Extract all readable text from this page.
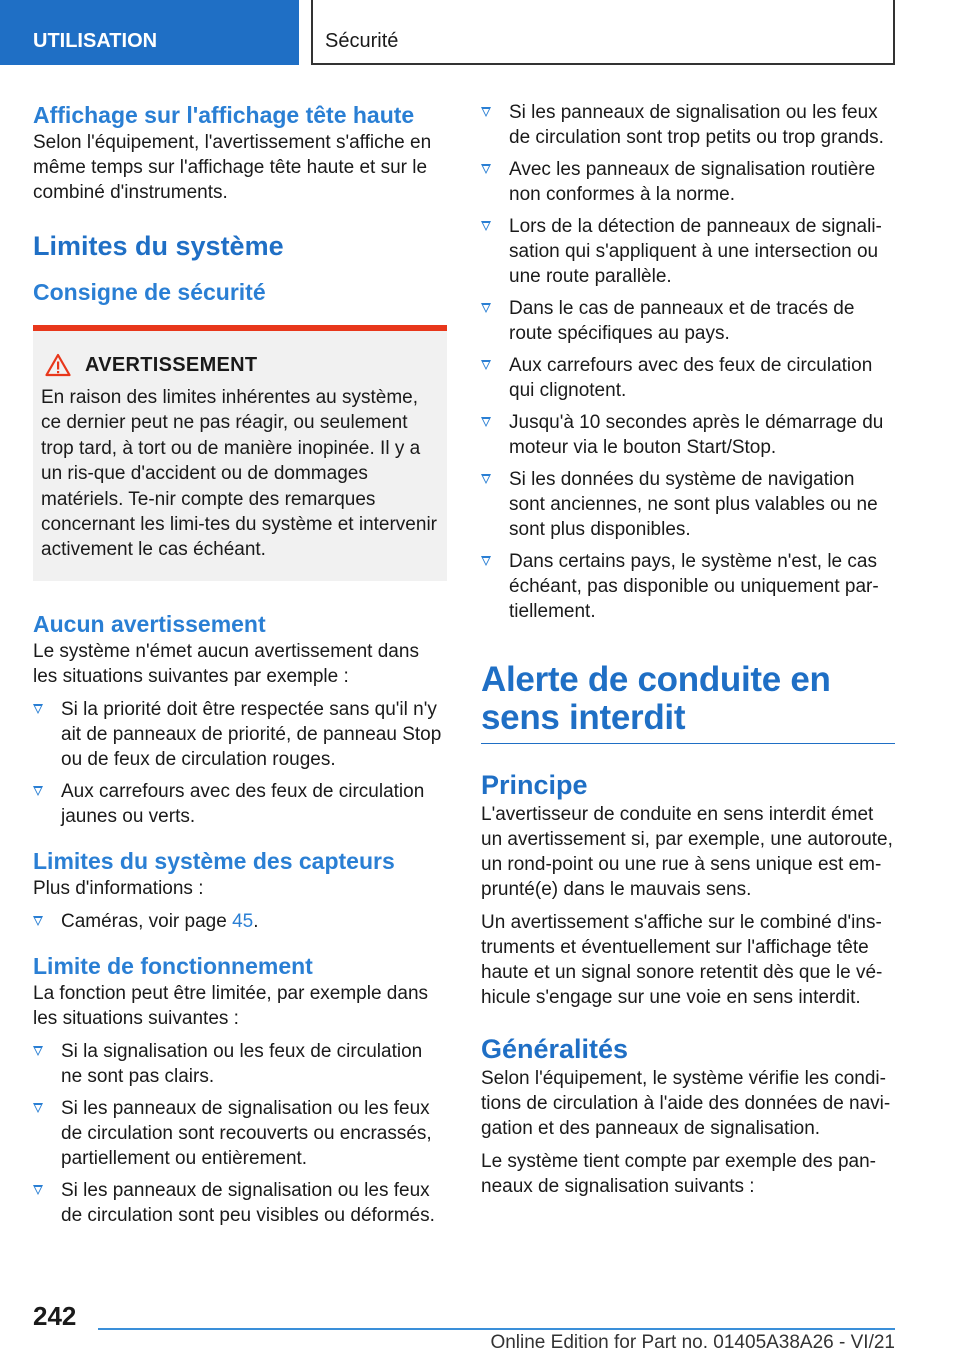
UTILISATION	Sécurité
Affichage sur l'affichage tête haute

Selon l'équipement, l'avertissement s'affiche en même temps sur l'affichage tête haute et sur le combiné d'instruments.

Limites du système
Consigne de sécurité
AVERTISSEMENT

En raison des limites inhérentes au système, ce dernier peut ne pas réagir, ou seulement trop tard, à tort ou de manière inopinée. Il y a un ris-que d'accident ou de dommages matériels. Te-nir compte des remarques concernant les limi-tes du système et intervenir activement le cas échéant.

Aucun avertissement

Le système n'émet aucun avertissement dans les situations suivantes par exemple :

Si la priorité doit être respectée sans qu'il n'y ait de panneaux de priorité, de panneau Stop ou de feux de circulation rouges.
Aux carrefours avec des feux de circulation jaunes ou verts.
Limites du système des capteurs

Plus d'informations :

Caméras, voir page 45.
Limite de fonctionnement

La fonction peut être limitée, par exemple dans les situations suivantes :

Si la signalisation ou les feux de circulation ne sont pas clairs.
Si les panneaux de signalisation ou les feux de circulation sont recouverts ou encrassés, partiellement ou entièrement.
Si les panneaux de signalisation ou les feux de circulation sont peu visibles ou déformés.
Si les panneaux de signalisation ou les feux de circulation sont trop petits ou trop grands.
Avec les panneaux de signalisation routière non conformes à la norme.
Lors de la détection de panneaux de signali-sation qui s'appliquent à une intersection ou une route parallèle.
Dans le cas de panneaux et de tracés de route spécifiques au pays.
Aux carrefours avec des feux de circulation qui clignotent.
Jusqu'à 10 secondes après le démarrage du moteur via le bouton Start/Stop.
Si les données du système de navigation sont anciennes, ne sont plus valables ou ne sont plus disponibles.
Dans certains pays, le système n'est, le cas échéant, pas disponible ou uniquement par-tiellement.
Alerte de conduite en sens interdit
Principe

L'avertisseur de conduite en sens interdit émet un avertissement si, par exemple, une autoroute, un rond-point ou une rue à sens unique est em-prunté(e) dans le mauvais sens.

Un avertissement s'affiche sur le combiné d'ins-truments et éventuellement sur l'affichage tête haute et un signal sonore retentit dès que le vé-hicule s'engage sur une voie en sens interdit.

Généralités

Selon l'équipement, le système vérifie les condi-tions de circulation à l'aide des données de navi-gation et des panneaux de signalisation.

Le système tient compte par exemple des pan-neaux de signalisation suivants :

242
Online Edition for Part no. 01405A38A26 - VI/21
